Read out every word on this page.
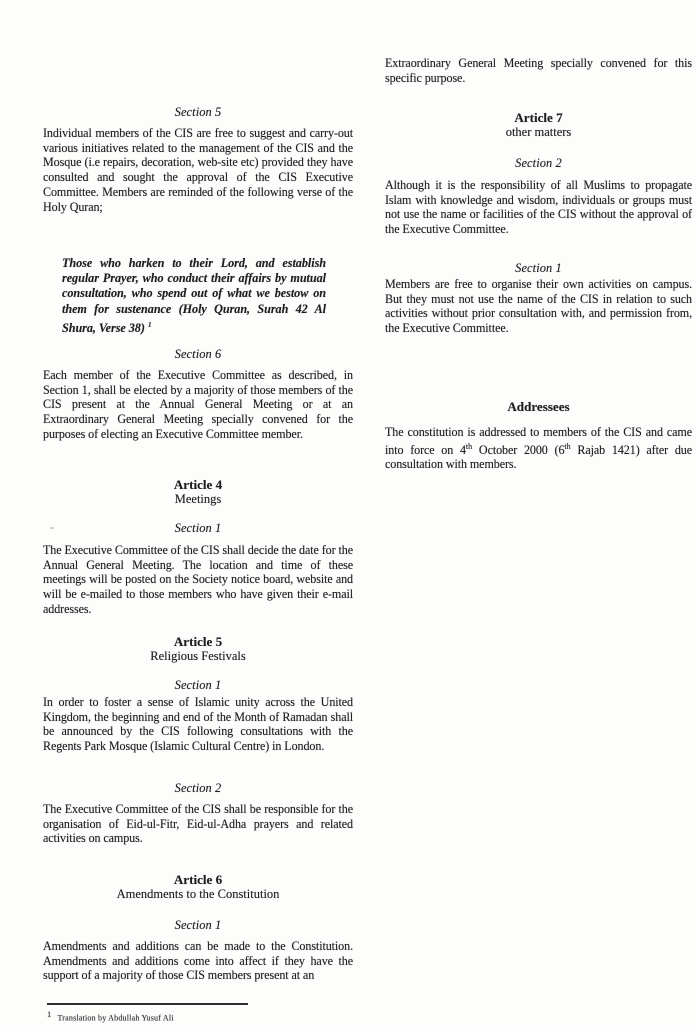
Section 5

Individual members of the CIS are free to suggest and carry-out various initiatives related to the management of the CIS and the Mosque (i.e repairs, decoration, web-site etc) provided they have consulted and sought the approval of the CIS Executive Committee. Members are reminded of the following verse of the Holy Quran;

Those who harken to their Lord, and establish regular Prayer, who conduct their affairs by mutual consultation, who spend out of what we bestow on them for sustenance (Holy Quran, Surah 42 Al Shura, Verse 38) $^1$
Section 6

Each member of the Executive Committee as described, in Section 1, shall be elected by a majority of those members of the CIS present at the Annual General Meeting or at an Extraordinary General Meeting specially convened for the purposes of electing an Executive Committee member.

Article 4
Meetings
Section 1

The Executive Committee of the CIS shall decide the date for the Annual General Meeting. The location and time of these meetings will be posted on the Society notice board, website and will be e-mailed to those members who have given their e-mail addresses.

Article 5
Religious Festivals
Section 1

In order to foster a sense of Islamic unity across the United Kingdom, the beginning and end of the Month of Ramadan shall be announced by the CIS following consultations with the Regents Park Mosque (Islamic Cultural Centre) in London.

Section 2

The Executive Committee of the CIS shall be responsible for the organisation of Eid-ul-Fitr, Eid-ul-Adha prayers and related activities on campus.

Article 6
Amendments to the Constitution
Section 1

Amendments and additions can be made to the Constitution. Amendments and additions come into affect if they have the support of a majority of those CIS members present at an

Extraordinary General Meeting specially convened for this specific purpose.

Article 7
other matters
Section 2

Although it is the responsibility of all Muslims to propagate Islam with knowledge and wisdom, individuals or groups must not use the name or facilities of the CIS without the approval of the Executive Committee.

Section 1

Members are free to organise their own activities on campus. But they must not use the name of the CIS in relation to such activities without prior consultation with, and permission from, the Executive Committee.

Addressees

The constitution is addressed to members of the CIS and came into force on 4th October 2000 (6th Rajab 1421) after due consultation with members.

$^1$ Translation by Abdullah Yusuf Ali
